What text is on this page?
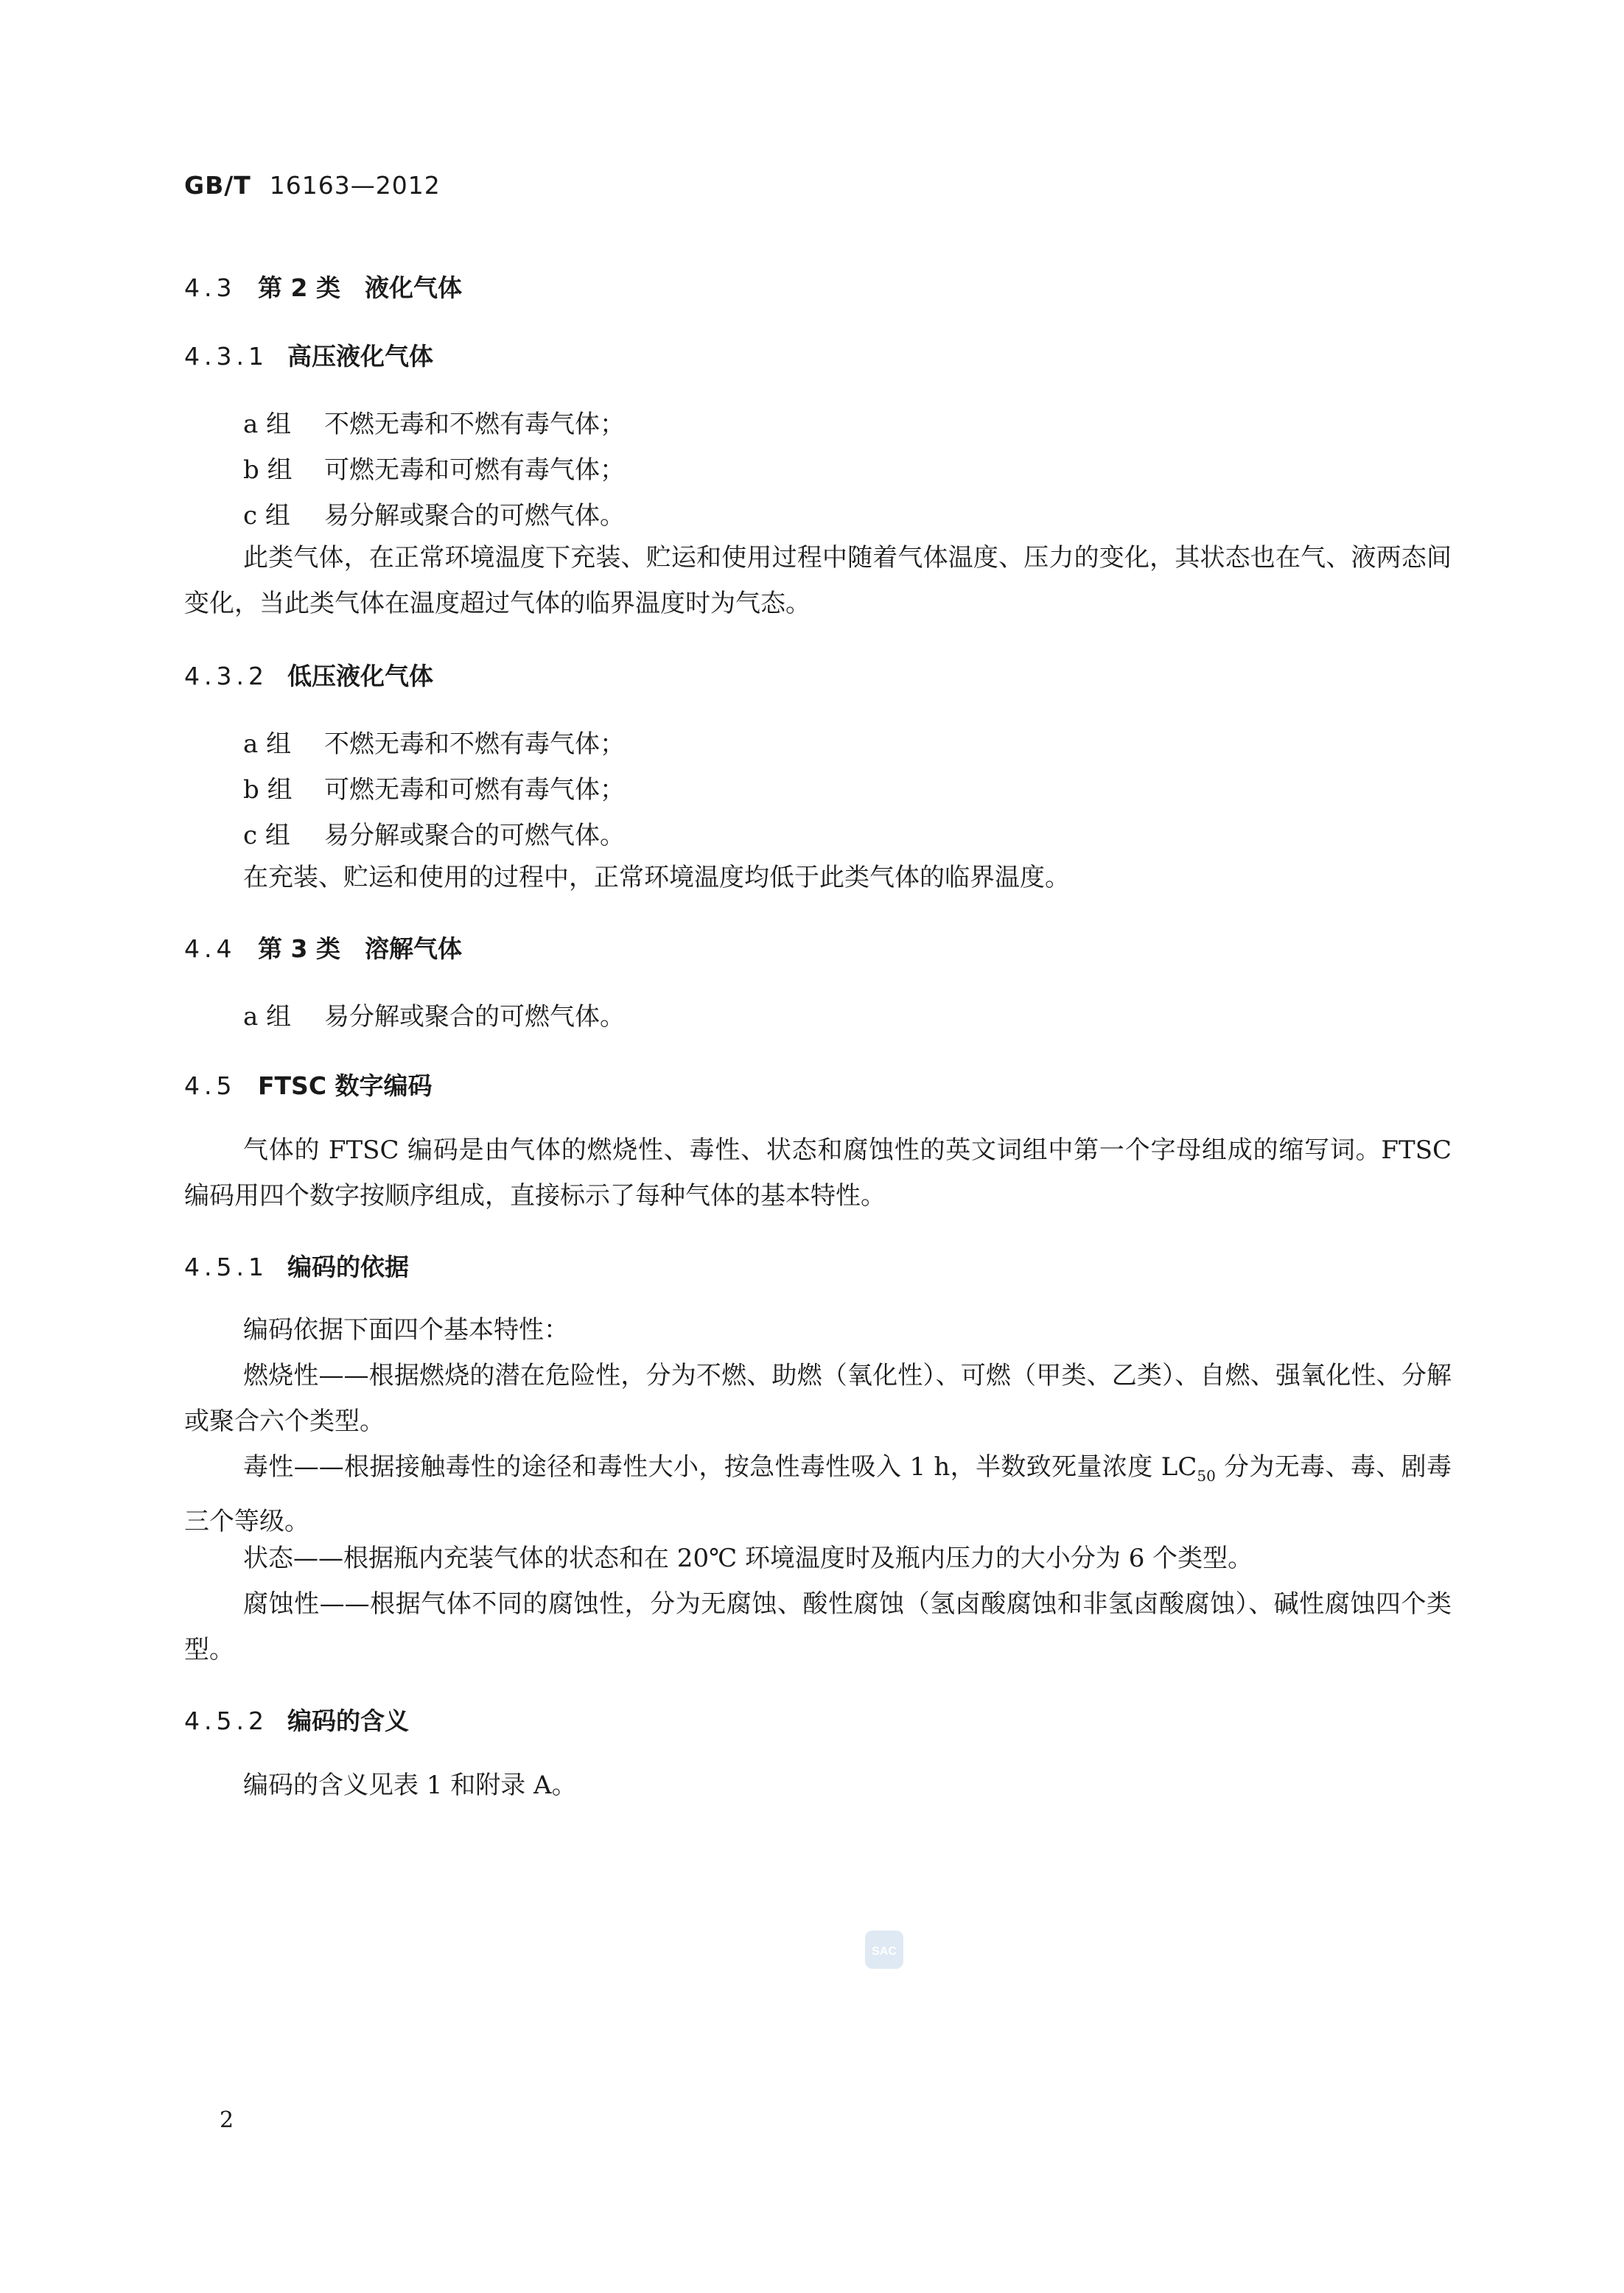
GB/T 16163—2012
4.3 第 2 类　液化气体
4.3.1 高压液化气体
a 组 不燃无毒和不燃有毒气体；
b 组 可燃无毒和可燃有毒气体；
c 组 易分解或聚合的可燃气体。
此类气体，在正常环境温度下充装、贮运和使用过程中随着气体温度、压力的变化，其状态也在气、液两态间变化，当此类气体在温度超过气体的临界温度时为气态。
4.3.2 低压液化气体
a 组 不燃无毒和不燃有毒气体；
b 组 可燃无毒和可燃有毒气体；
c 组 易分解或聚合的可燃气体。
在充装、贮运和使用的过程中，正常环境温度均低于此类气体的临界温度。
4.4 第 3 类　溶解气体
a 组 易分解或聚合的可燃气体。
4.5 FTSC 数字编码
气体的 FTSC 编码是由气体的燃烧性、毒性、状态和腐蚀性的英文词组中第一个字母组成的缩写词。FTSC 编码用四个数字按顺序组成，直接标示了每种气体的基本特性。
4.5.1 编码的依据
编码依据下面四个基本特性：
燃烧性——根据燃烧的潜在危险性，分为不燃、助燃（氧化性）、可燃（甲类、乙类）、自燃、强氧化性、分解或聚合六个类型。
毒性——根据接触毒性的途径和毒性大小，按急性毒性吸入 1 h，半数致死量浓度 $LC_{50}$ 分为无毒、毒、剧毒三个等级。
状态——根据瓶内充装气体的状态和在 20℃ 环境温度时及瓶内压力的大小分为 6 个类型。
腐蚀性——根据气体不同的腐蚀性，分为无腐蚀、酸性腐蚀（氢卤酸腐蚀和非氢卤酸腐蚀）、碱性腐蚀四个类型。
4.5.2 编码的含义
编码的含义见表 1 和附录 A。
SAC
2
